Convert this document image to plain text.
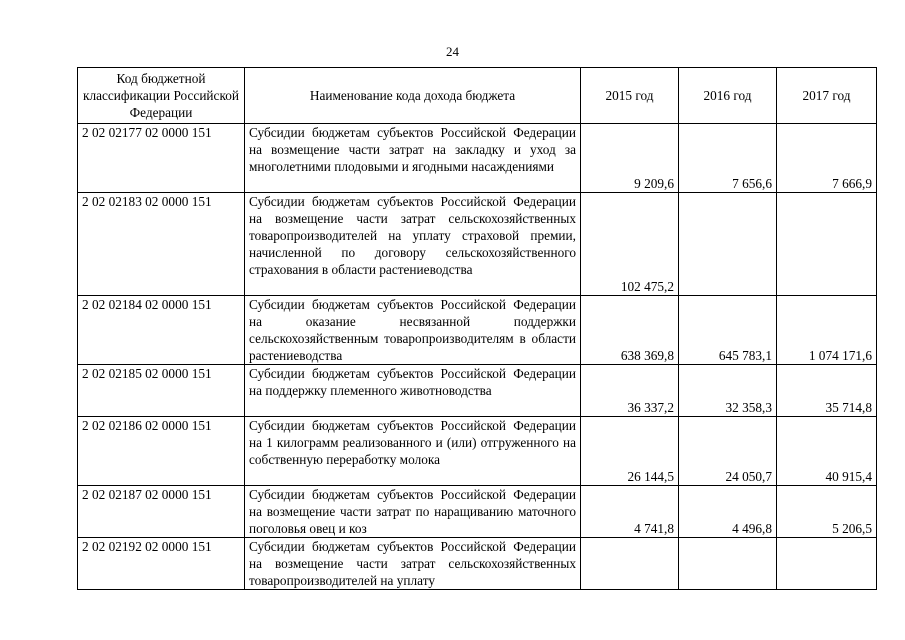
24
Код бюджетной классификации Российской Федерации	Наименование кода дохода бюджета	2015 год	2016 год	2017 год
2 02 02177 02 0000 151	Субсидии бюджетам субъектов Российской Федерации на возмещение части затрат на закладку и уход за многолетними плодовыми и ягодными насаждениями	9 209,6	7 656,6	7 666,9
2 02 02183 02 0000 151	Субсидии бюджетам субъектов Российской Федерации на возмещение части затрат сельскохозяйственных товаропроизводителей на уплату страховой премии, начисленной по договору сельскохозяйственного страхования в области растениеводства	102 475,2		
2 02 02184 02 0000 151	Субсидии бюджетам субъектов Российской Федерации на оказание несвязанной поддержки сельскохозяйственным товаропроизводителям в области растениеводства	638 369,8	645 783,1	1 074 171,6
2 02 02185 02 0000 151	Субсидии бюджетам субъектов Российской Федерации на поддержку племенного животноводства	36 337,2	32 358,3	35 714,8
2 02 02186 02 0000 151	Субсидии бюджетам субъектов Российской Федерации на 1 килограмм реализованного и (или) отгруженного на собственную переработку молока	26 144,5	24 050,7	40 915,4
2 02 02187 02 0000 151	Субсидии бюджетам субъектов Российской Федерации на возмещение части затрат по наращиванию маточного поголовья овец и коз	4 741,8	4 496,8	5 206,5
2 02 02192 02 0000 151	Субсидии бюджетам субъектов Российской Федерации на возмещение части затрат сельскохозяйственных товаропроизводителей на уплату			
